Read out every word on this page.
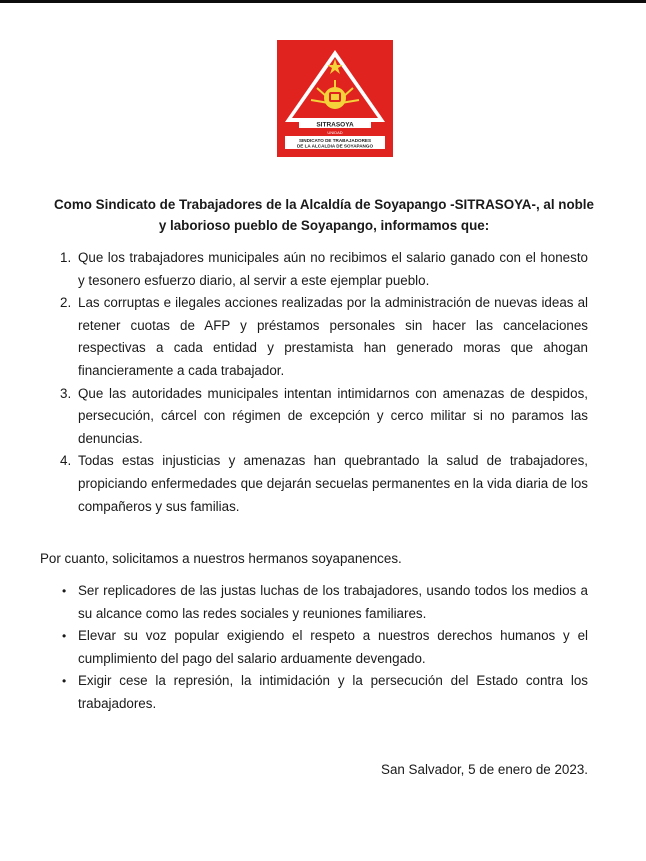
SITRASOYA
UNIDAD
SINDICATO DE TRABAJADORES
DE LA ALCALDIA DE SOYAPANGO
Como Sindicato de Trabajadores de la Alcaldía de Soyapango -SITRASOYA-, al noble
y laborioso pueblo de Soyapango, informamos que:
1. Que los trabajadores municipales aún no recibimos el salario ganado con el honesto y tesonero esfuerzo diario, al servir a este ejemplar pueblo.
2. Las corruptas e ilegales acciones realizadas por la administración de nuevas ideas al retener cuotas de AFP y préstamos personales sin hacer las cancelaciones respectivas a cada entidad y prestamista han generado moras que ahogan financieramente a cada trabajador.
3. Que las autoridades municipales intentan intimidarnos con amenazas de despidos, persecución, cárcel con régimen de excepción y cerco militar si no paramos las denuncias.
4. Todas estas injusticias y amenazas han quebrantado la salud de trabajadores, propiciando enfermedades que dejarán secuelas permanentes en la vida diaria de los compañeros y sus familias.
Por cuanto, solicitamos a nuestros hermanos soyapanences.
• Ser replicadores de las justas luchas de los trabajadores, usando todos los medios a su alcance como las redes sociales y reuniones familiares.
• Elevar su voz popular exigiendo el respeto a nuestros derechos humanos y el cumplimiento del pago del salario arduamente devengado.
• Exigir cese la represión, la intimidación y la persecución del Estado contra los trabajadores.
San Salvador, 5 de enero de 2023.
